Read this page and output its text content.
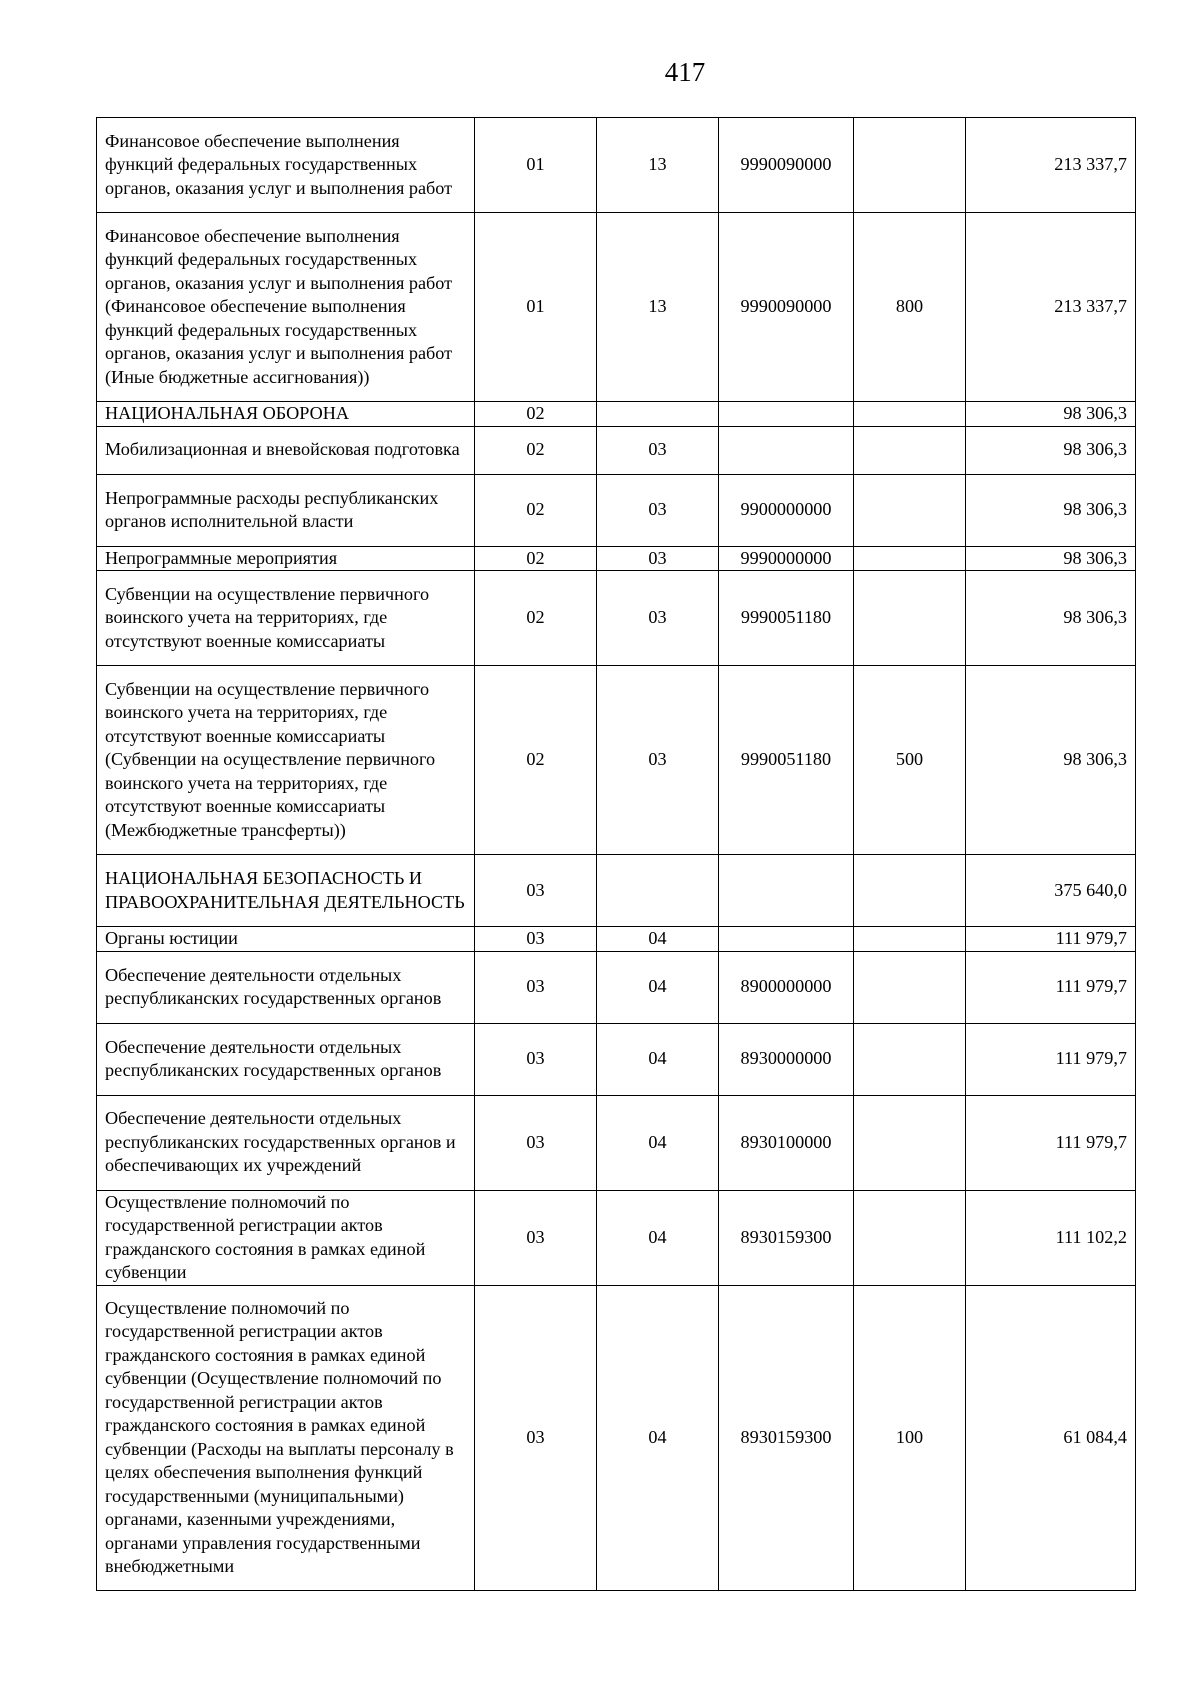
417
Финансовое обеспечение выполнения функций федеральных государственных органов, оказания услуг и выполнения работ	01	13	9990090000		213 337,7
Финансовое обеспечение выполнения функций федеральных государственных органов, оказания услуг и выполнения работ (Финансовое обеспечение выполнения функций федеральных государственных органов, оказания услуг и выполнения работ (Иные бюджетные ассигнования))	01	13	9990090000	800	213 337,7
НАЦИОНАЛЬНАЯ ОБОРОНА	02				98 306,3
Мобилизационная и вневойсковая подготовка	02	03			98 306,3
Непрограммные расходы республиканских органов исполнительной власти	02	03	9900000000		98 306,3
Непрограммные мероприятия	02	03	9990000000		98 306,3
Субвенции на осуществление первичного воинского учета на территориях, где отсутствуют военные комиссариаты	02	03	9990051180		98 306,3
Субвенции на осуществление первичного воинского учета на территориях, где отсутствуют военные комиссариаты (Субвенции на осуществление первичного воинского учета на территориях, где отсутствуют военные комиссариаты (Межбюджетные трансферты))	02	03	9990051180	500	98 306,3
НАЦИОНАЛЬНАЯ БЕЗОПАСНОСТЬ И ПРАВООХРАНИТЕЛЬНАЯ ДЕЯТЕЛЬНОСТЬ	03				375 640,0
Органы юстиции	03	04			111 979,7
Обеспечение деятельности отдельных республиканских государственных органов	03	04	8900000000		111 979,7
Обеспечение деятельности отдельных республиканских государственных органов	03	04	8930000000		111 979,7
Обеспечение деятельности отдельных республиканских государственных органов и обеспечивающих их учреждений	03	04	8930100000		111 979,7
Осуществление полномочий по государственной регистрации актов гражданского состояния в рамках единой субвенции	03	04	8930159300		111 102,2
Осуществление полномочий по государственной регистрации актов гражданского состояния в рамках единой субвенции (Осуществление полномочий по государственной регистрации актов гражданского состояния в рамках единой субвенции (Расходы на выплаты персоналу в целях обеспечения выполнения функций государственными (муниципальными) органами, казенными учреждениями, органами управления государственными внебюджетными	03	04	8930159300	100	61 084,4
